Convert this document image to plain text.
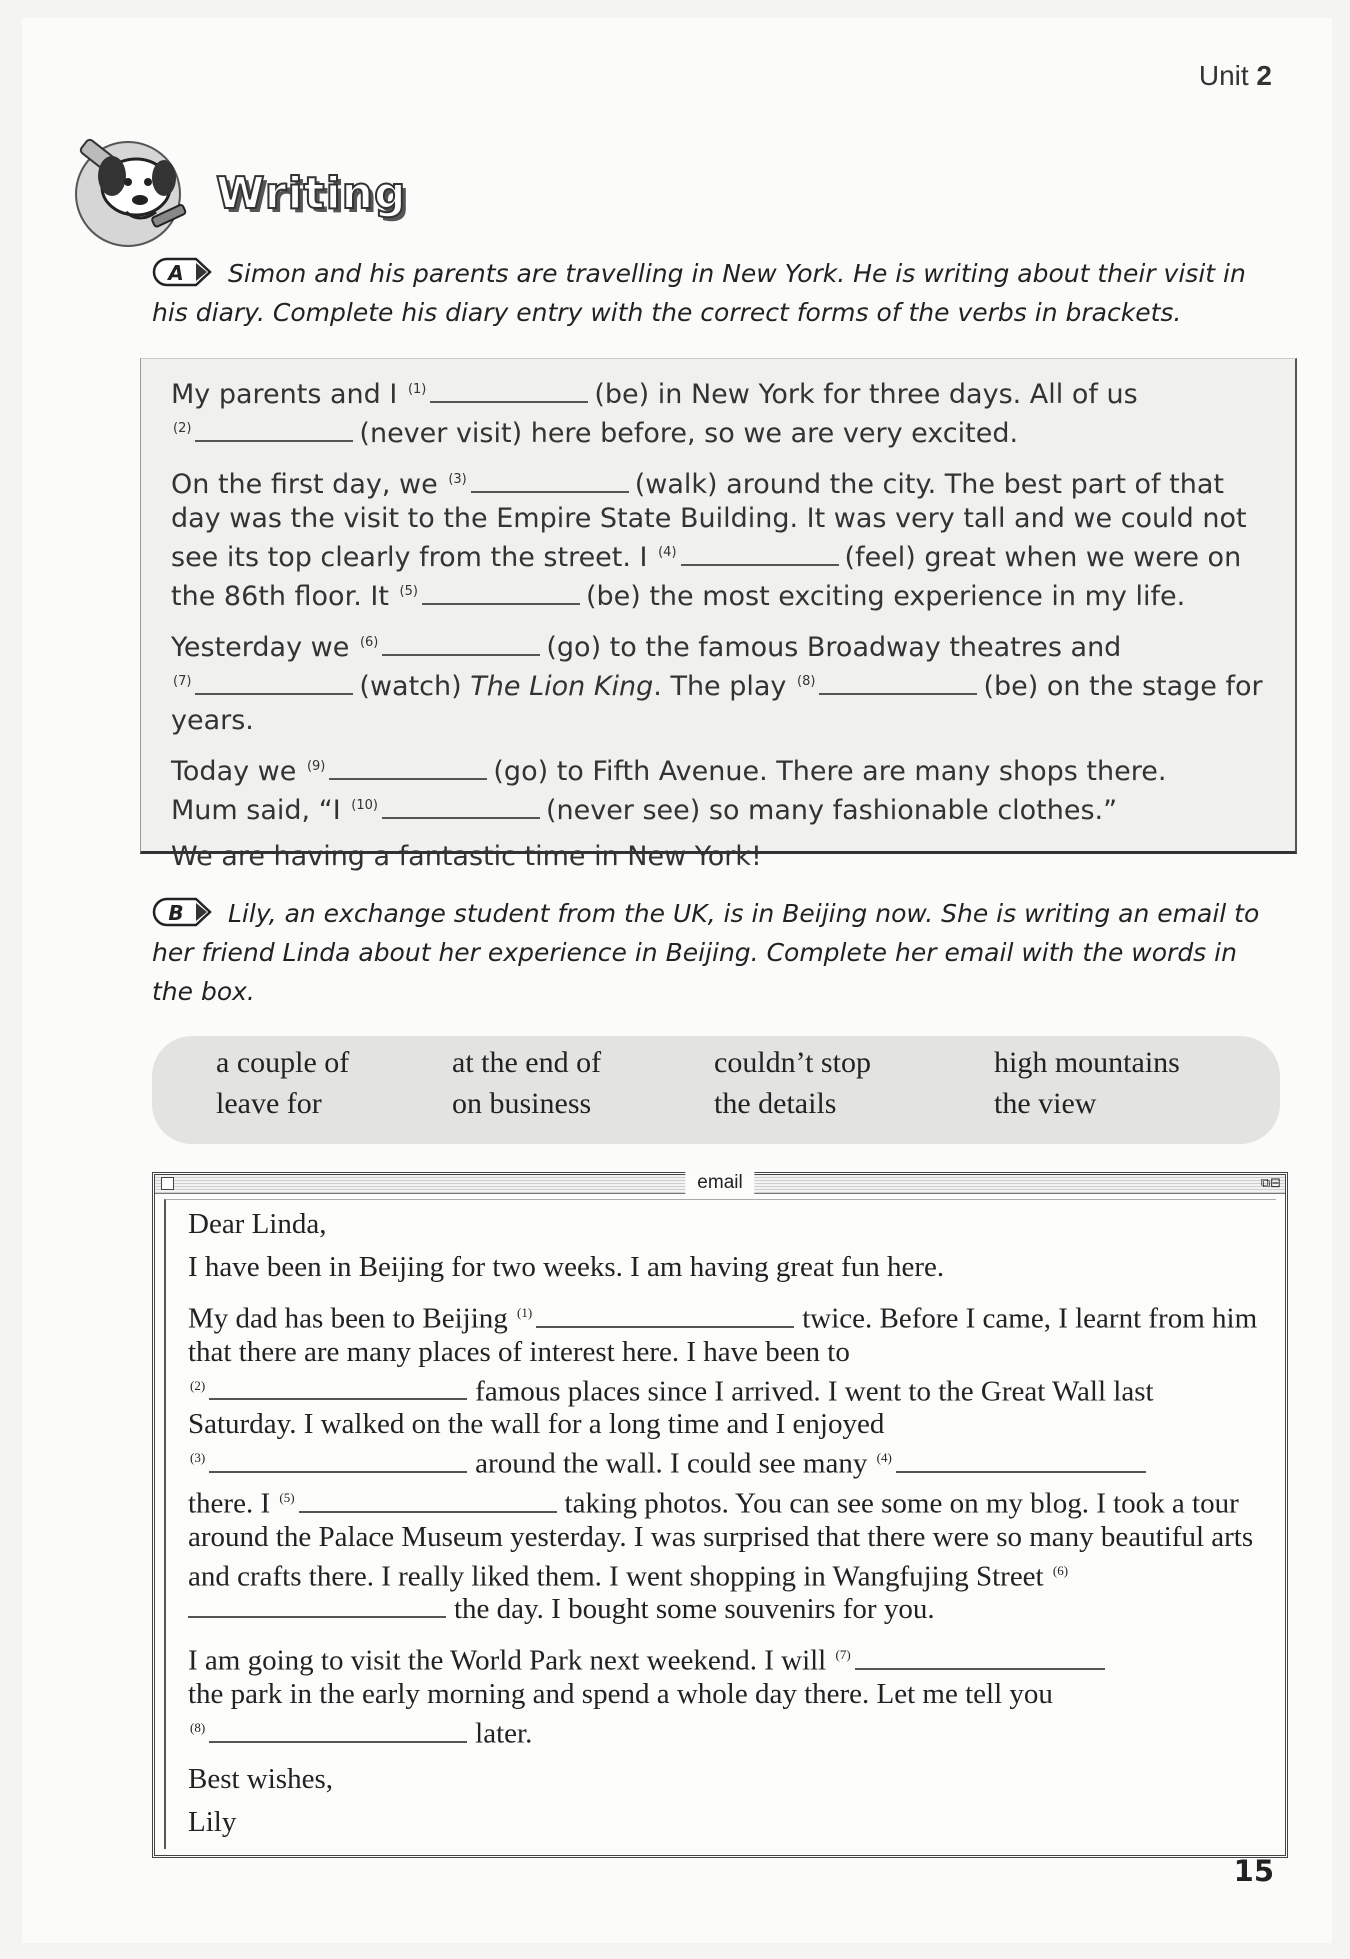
Unit 2
Writing
A Simon and his parents are travelling in New York. He is writing about their visit in his diary. Complete his diary entry with the correct forms of the verbs in brackets.
My parents and I $^{(1)}$	(be) in New York for three days. All of us
$^{(2)}$	(never visit) here before, so we are very excited.
On the first day, we $^{(3)}$	(walk) around the city. The best part of that day was the visit to the Empire State Building. It was very tall and we could not see its top clearly from the street. I $^{(4)}$	(feel) great when we were on the 86th floor. It $^{(5)}$	(be) the most exciting experience in my life.
Yesterday we $^{(6)}$	(go) to the famous Broadway theatres and
$^{(7)}$	(watch) The Lion King. The play $^{(8)}$	(be) on the stage for years.
Today we $^{(9)}$	(go) to Fifth Avenue. There are many shops there.
Mum said, “I $^{(10)}$	(never see) so many fashionable clothes.”
We are having a fantastic time in New York!
B Lily, an exchange student from the UK, is in Beijing now. She is writing an email to her friend Linda about her experience in Beijing. Complete her email with the words in the box.
a couple of	at the end of	couldn’t stop	high mountains
leave for	on business	the details	the view
email	⧉⊟
Dear Linda,
I have been in Beijing for two weeks. I am having great fun here.
My dad has been to Beijing $^{(1)}$	twice. Before I came, I learnt from him that there are many places of interest here. I have been to
$^{(2)}$	famous places since I arrived. I went to the Great Wall last Saturday. I walked on the wall for a long time and I enjoyed
$^{(3)}$	around the wall. I could see many $^{(4)}$
there. I $^{(5)}$	taking photos. You can see some on my blog. I took a tour around the Palace Museum yesterday. I was surprised that there were so many beautiful arts and crafts there. I really liked them. I went shopping in Wangfujing Street $^{(6)}$the day. I bought some souvenirs for you.
I am going to visit the World Park next weekend. I will $^{(7)}$
the park in the early morning and spend a whole day there. Let me tell you
$^{(8)}$	later.
Best wishes,
Lily
15
